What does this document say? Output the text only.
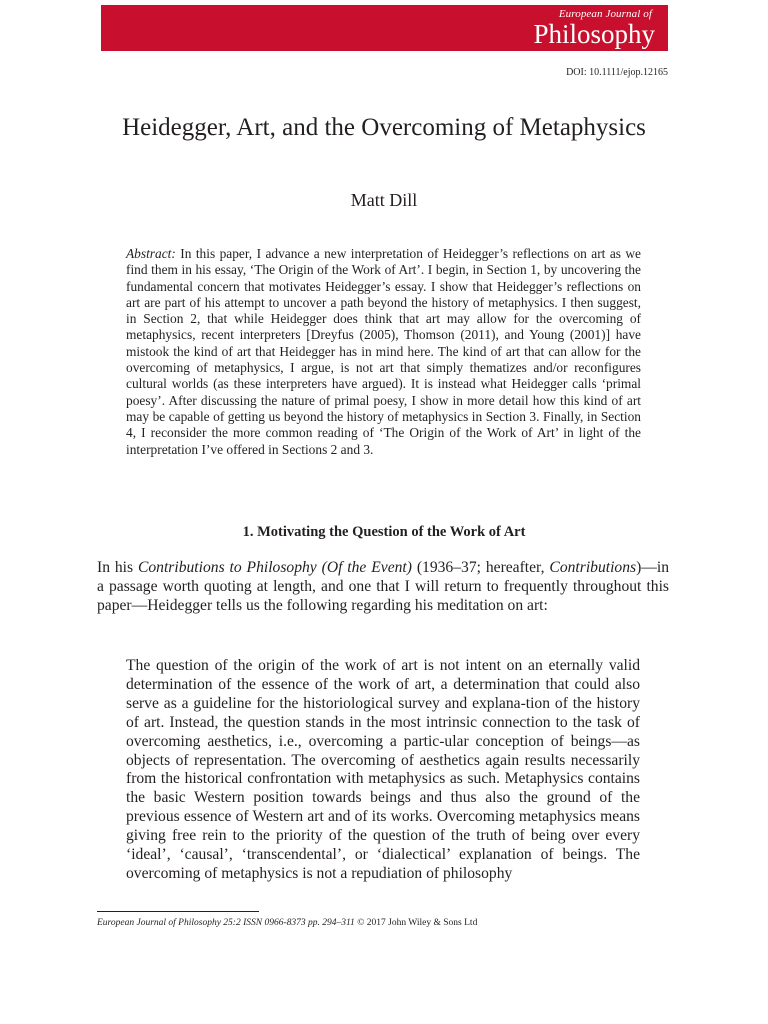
European Journal of
Philosophy
DOI: 10.1111/ejop.12165
Heidegger, Art, and the Overcoming of Metaphysics
Matt Dill

Abstract: In this paper, I advance a new interpretation of Heidegger’s reflections on art as we find them in his essay, ‘The Origin of the Work of Art’. I begin, in Section 1, by uncovering the fundamental concern that motivates Heidegger’s essay. I show that Heidegger’s reflections on art are part of his attempt to uncover a path beyond the history of metaphysics. I then suggest, in Section 2, that while Heidegger does think that art may allow for the overcoming of metaphysics, recent interpreters [Dreyfus (2005), Thomson (2011), and Young (2001)] have mistook the kind of art that Heidegger has in mind here. The kind of art that can allow for the overcoming of metaphysics, I argue, is not art that simply thematizes and/or reconfigures cultural worlds (as these interpreters have argued). It is instead what Heidegger calls ‘primal poesy’. After discussing the nature of primal poesy, I show in more detail how this kind of art may be capable of getting us beyond the history of metaphysics in Section 3. Finally, in Section 4, I reconsider the more common reading of ‘The Origin of the Work of Art’ in light of the interpretation I’ve offered in Sections 2 and 3.

1. Motivating the Question of the Work of Art

In his Contributions to Philosophy (Of the Event) (1936–37; hereafter, Contributions)—in a passage worth quoting at length, and one that I will return to frequently throughout this paper—Heidegger tells us the following regarding his meditation on art:

The question of the origin of the work of art is not intent on an eternally valid determination of the essence of the work of art, a determination that could also serve as a guideline for the historiological survey and explana-tion of the history of art. Instead, the question stands in the most intrinsic connection to the task of overcoming aesthetics, i.e., overcoming a partic-ular conception of beings—as objects of representation. The overcoming of aesthetics again results necessarily from the historical confrontation with metaphysics as such. Metaphysics contains the basic Western position towards beings and thus also the ground of the previous essence of Western art and of its works. Overcoming metaphysics means giving free rein to the priority of the question of the truth of being over every ‘ideal’, ‘causal’, ‘transcendental’, or ‘dialectical’ explanation of beings. The overcoming of metaphysics is not a repudiation of philosophy

European Journal of Philosophy 25:2 ISSN 0966-8373 pp. 294–311 © 2017 John Wiley & Sons Ltd
